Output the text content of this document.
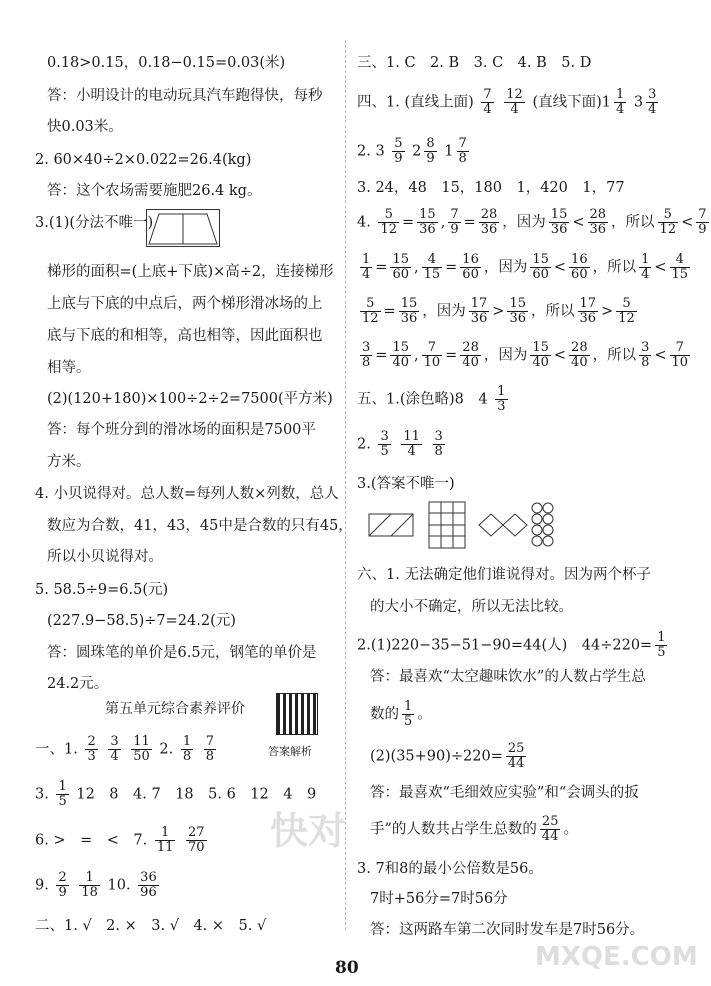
0.18>0.15，0.18−0.15=0.03(米)
答：小明设计的电动玩具汽车跑得快，每秒
快0.03米。
2. 60×40÷2×0.022=26.4(kg)
答：这个农场需要施肥26.4 kg。
3.(1)(分法不唯一)
梯形的面积=(上底+下底)×高÷2，连接梯形
上底与下底的中点后，两个梯形滑冰场的上
底与下底的和相等，高也相等，因此面积也
相等。
(2)(120+180)×100÷2÷2=7500(平方米)
答：每个班分到的滑冰场的面积是7500平
方米。
4. 小贝说得对。总人数=每列人数×列数，总人
数应为合数，41，43，45中是合数的只有45，
所以小贝说得对。
5. 58.5÷9=6.5(元)
(227.9−58.5)÷7=24.2(元)
答：圆珠笔的单价是6.5元，钢笔的单价是
24.2元。
第五单元综合素养评价
答案解析
一、1. $\frac{2}{3}$
$\frac{3}{4}$
$\frac{11}{50} 2$. $\frac{1}{8}$
$\frac{7}{8}$
3. $\frac{1}{5} 12$　8　4. 7　18　5. 6　12　4　9
6. >　=　<　7. $\frac{1}{11}$
$\frac{27}{70}$
9. $\frac{2}{9}$
$\frac{1}{18} 10$. $\frac{36}{96}$
二、1. √　2. ×　3. √　4. ×　5. √
三、1. C　2. B　3. C　4. B　5. D
四、1. (直线上面) $\frac{7}{4}$
$\frac{12}{4}$ (直线下面)$1 \frac{1}{4} 3 \frac{3}{4}$
2. $3 \frac{5}{9} 2 \frac{8}{9} 1 \frac{7}{8}$
3. 24，48　15，180　1，420　1，77
4. $\frac{5}{12} = \frac{15}{36}$ , $\frac{7}{9} = \frac{28}{36}$ ，因为 $\frac{15}{36} < \frac{28}{36}$ ，所以 $\frac{5}{12} < \frac{7}{9}$
$\frac{1}{4} = \frac{15}{60}$ , $\frac{4}{15} = \frac{16}{60}$ ，因为 $\frac{15}{60} < \frac{16}{60}$ ，所以 $\frac{1}{4} < \frac{4}{15}$
$\frac{5}{12} = \frac{15}{36}$ ，因为 $\frac{17}{36} > \frac{15}{36}$ ，所以 $\frac{17}{36} > \frac{5}{12}$
$\frac{3}{8} = \frac{15}{40}$ , $\frac{7}{10} = \frac{28}{40}$ ，因为 $\frac{15}{40} < \frac{28}{40}$ ，所以 $\frac{3}{8} < \frac{7}{10}$
五、1.(涂色略)8　$4 \frac{1}{3}$
2. $\frac{3}{5}$
$\frac{11}{4}$
$\frac{3}{8}$
3.(答案不唯一)
六、1. 无法确定他们谁说得对。因为两个杯子
的大小不确定，所以无法比较。
2.(1)220−35−51−90=44(人)　$44\div 220= \frac{1}{5}$
答：最喜欢“太空趣味饮水”的人数占学生总
数的 $\frac{1}{5}$ 。
$(2)(35+90)\div 220= \frac{25}{44}$
答：最喜欢“毛细效应实验”和“会调头的扳
手”的人数共占学生总数的 $\frac{25}{44}$ 。
3. 7和8的最小公倍数是56。
7时+56分=7时56分
答：这两路车第二次同时发车是7时56分。
快对
MXQE.COM
80
